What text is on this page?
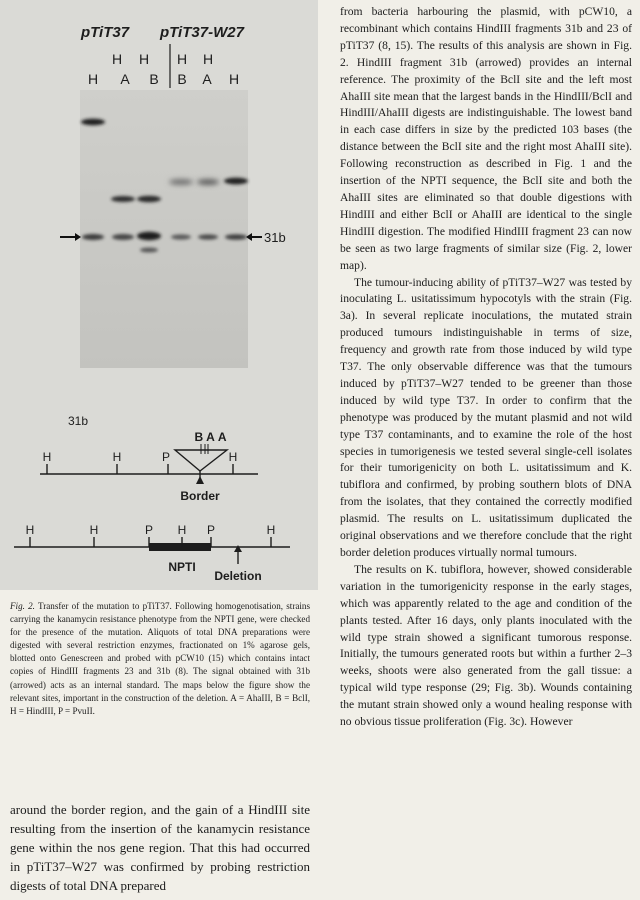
pTiT37 pTiT37-W27
H H H H
H A B B A H
31b
31b
H	H	P	H
BAA
Border
H	H	P H P	H
NPTI
Deletion

Fig. 2. Transfer of the mutation to pTiT37. Following homogenotisation, strains carrying the kanamycin resistance phenotype from the NPTI gene, were checked for the presence of the mutation. Aliquots of total DNA preparations were digested with several restriction enzymes, fractionated on 1% agarose gels, blotted onto Genescreen and probed with pCW10 (15) which contains intact copies of HindIII fragments 23 and 31b (8). The signal obtained with 31b (arrowed) acts as an internal standard. The maps below the figure show the relevant sites, important in the construction of the deletion. A = AhaIII, B = BclI, H = HindIII, P = PvuII.

around the border region, and the gain of a HindIII site resulting from the insertion of the kanamycin resistance gene within the nos gene region. That this had occurred in pTiT37–W27 was confirmed by probing restriction digests of total DNA prepared

from bacteria harbouring the plasmid, with pCW10, a recombinant which contains HindIII fragments 31b and 23 of pTiT37 (8, 15). The results of this analysis are shown in Fig. 2. HindIII fragment 31b (arrowed) provides an internal reference. The proximity of the BclI site and the left most AhaIII site mean that the largest bands in the HindIII/BclI and HindIII/AhaIII digests are indistinguishable. The lowest band in each case differs in size by the predicted 103 bases (the distance between the BclI site and the right most AhaIII site). Following reconstruction as described in Fig. 1 and the insertion of the NPTI sequence, the BclI site and both the AhaIII sites are eliminated so that double digestions with HindIII and either BclI or AhaIII are identical to the single HindIII digestion. The modified HindIII fragment 23 can now be seen as two large fragments of similar size (Fig. 2, lower map).

The tumour-inducing ability of pTiT37–W27 was tested by inoculating L. usitatissimum hypocotyls with the strain (Fig. 3a). In several replicate inoculations, the mutated strain produced tumours indistinguishable in terms of size, frequency and growth rate from those induced by wild type T37. The only observable difference was that the tumours induced by pTiT37–W27 tended to be greener than those induced by wild type T37. In order to confirm that the phenotype was produced by the mutant plasmid and not wild type T37 contaminants, and to examine the role of the host species in tumorigenesis we tested several single-cell isolates for their tumorigenicity on both L. usitatissimum and K. tubiflora and confirmed, by probing southern blots of DNA from the isolates, that they contained the correctly modified plasmid. The results on L. usitatissimum duplicated the original observations and we therefore conclude that the right border deletion produces virtually normal tumours.

The results on K. tubiflora, however, showed considerable variation in the tumorigenicity response in the early stages, which was apparently related to the age and condition of the plants tested. After 16 days, only plants inoculated with the wild type strain showed a significant tumorous response. Initially, the tumours generated roots but within a further 2–3 weeks, shoots were also generated from the gall tissue: a typical wild type response (29; Fig. 3b). Wounds containing the mutant strain showed only a wound healing response with no obvious tissue proliferation (Fig. 3c). However
